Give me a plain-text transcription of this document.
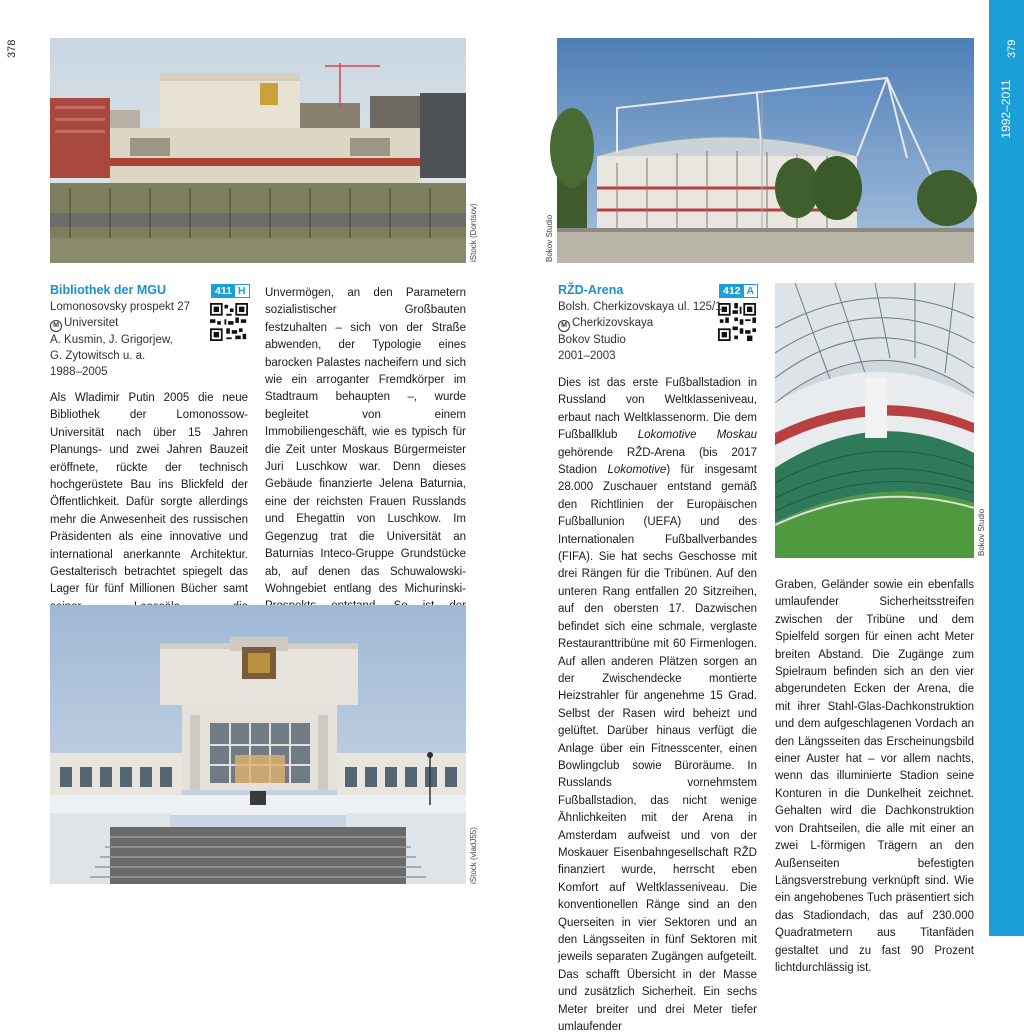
378	379
1992–2011
iStock (Dontsov)
Bibliothek der MGU	411 H
Lomonosovsky prospekt 27
M Universitet
A. Kusmin, J. Grigorjew,
G. Zytowitsch u. a.
1988–2005

Als Wladimir Putin 2005 die neue Bibliothek der Lomonossow-Universität nach über 15 Jahren Planungs- und zwei Jahren Bauzeit eröffnete, rückte der technisch hochgerüstete Bau ins Blickfeld der Öffentlichkeit. Dafür sorgte allerdings mehr die Anwesenheit des russischen Präsidenten als eine innovative und international anerkannte Architektur. Gestalterisch betrachtet spiegelt das Lager für fünf Millionen Bücher samt

Unvermögen, an den Parametern sozialistischer Großbauten festzuhalten – sich von der Straße abwenden, der Typologie eines barocken Palastes nacheifern und sich wie ein arroganter Fremdkörper im Stadtraum behaupten –, wurde begleitet von einem Immobiliengeschäft, wie es typisch für die Zeit unter Moskaus Bürgermeister Juri Luschkow war. Denn dieses Gebäude finanzierte Jelena Baturnia, eine der reichsten Frauen Russlands und Ehegattin von Luschkow. Im Gegenzug trat die Universität an Baturnias Inteco-Gruppe Grundstücke ab, auf denen das Schuwalowski-Wohngebiet entlang des Michurinski-

iStock (vladJ55)
Bokov Studio
RŽD-Arena	412 A
Bolsh. Cherkizovskaya ul. 125/1
M Cherkizovskaya
Bokov Studio
2001–2003
Bokov Studio

Dies ist das erste Fußballstadion in Russland von Weltklasseniveau, erbaut nach Weltklassenorm. Die dem Fußballklub Lokomotive Moskau gehörende RŽD-Arena (bis 2017 Stadion Lokomotive) für insgesamt 28.000 Zuschauer entstand gemäß den Richtlinien der Europäischen Fußballunion (UEFA) und des Internationalen Fußballverbandes (FIFA). Sie hat sechs Geschosse mit drei Rängen für die Tribünen. Auf den unteren Rang entfallen 20 Sitzreihen, auf den obersten 17. Dazwischen befindet sich eine schmale, verglaste Restauranttribüne mit 60 Firmenlogen. Auf allen anderen Plätzen sorgen an der Zwischendecke montierte Heizstrahler für angenehme 15 Grad. Selbst der Rasen wird beheizt und gelüftet. Darüber hinaus verfügt die Anlage über ein Fitnesscenter, einen Bowlingclub sowie Büroräume. In Russlands vornehmstem Fußballstadion, das nicht wenige Ähnlichkeiten mit der Arena in Amsterdam aufweist und von der Moskauer Eisenbahngesellschaft RŽD finanziert wurde, herrscht eben Komfort auf Weltklasseniveau. Die konventionellen Ränge sind an den Querseiten in vier Sektoren und an den Längsseiten in fünf Sektoren mit jeweils separaten Zugängen aufgeteilt. Das schafft Übersicht in der Masse und zusätzlich Sicherheit. Ein sechs Meter breiter und drei Meter tiefer umlaufender

Graben, Geländer sowie ein ebenfalls umlaufender Sicherheitsstreifen zwischen der Tribüne und dem Spielfeld sorgen für einen acht Meter breiten Abstand. Die Zugänge zum Spielraum befinden sich an den vier abgerundeten Ecken der Arena, die mit ihrer Stahl-Glas-Dachkonstruktion und dem aufgeschlagenen Vordach an den Längsseiten das Erscheinungsbild einer Auster hat – vor allem nachts, wenn das illuminierte Stadion seine Konturen in die Dunkelheit zeichnet. Gehalten wird die Dachkonstruktion von Drahtseilen, die alle mit einer an zwei L-förmigen Trägern an den Außenseiten befestigten Längsverstrebung verknüpft sind. Wie ein angehobenes Tuch präsentiert sich das Stadiondach, das auf 230.000 Quadratmetern aus Titanfäden gestaltet und zu fast 90 Prozent lichtdurchlässig ist.
